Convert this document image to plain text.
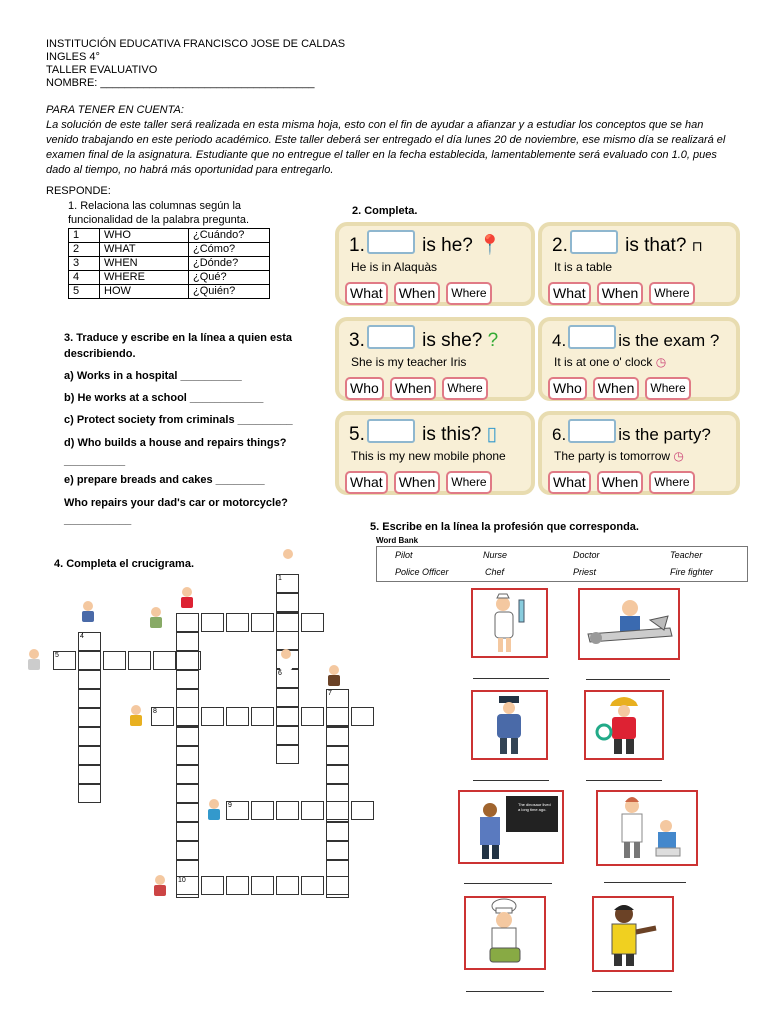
INSTITUCIÓN EDUCATIVA FRANCISCO JOSE DE CALDAS
INGLES 4°
TALLER EVALUATIVO
NOMBRE: ___________________________________
PARA TENER EN CUENTA:
La solución de este taller será realizada en esta misma hoja, esto con el fin de ayudar a afianzar y a estudiar los conceptos que se han venido trabajando en este periodo académico. Este taller deberá ser entregado el día lunes 20 de noviembre, ese mismo día se realizará el examen final de la asignatura. Estudiante que no entregue el taller en la fecha establecida, lamentablemente será evaluado con 1.0, pues dado al tiempo, no habrá más oportunidad para entregarlo.
RESPONDE:
1. Relaciona las columnas según la funcionalidad de la palabra pregunta.
1	WHO	¿Cuándo?
2	WHAT	¿Cómo?
3	WHEN	¿Dónde?
4	WHERE	¿Qué?
5	HOW	¿Quién?
2. Completa.
1.	is he? 📍
He is in Alaquàs
What	When	Where
2.	is that? ⊓
It is a table
What	When	Where
3.	is she? ?
She is my teacher Iris
Who	When	Where
4.	is the exam ?
It is at one o' clock ◷
Who	When	Where
5.	is this? ▯
This is my new mobile phone
What	When	Where
6.	is the party?
The party is tomorrow ◷
What	When	Where
3. Traduce y escribe en la línea a quien esta describiendo.
a) Works in a hospital __________
b) He works at a school ____________
c) Protect society from criminals _________
d) Who builds a house and repairs things?
__________
e) prepare breads and cakes ________
Who repairs your dad's car or motorcycle?
___________
4. Completa el crucigrama.
1
4
5
6
7
8
9
10
5. Escribe en la línea la profesión que corresponda.
Word Bank
Pilot	Nurse	Doctor	Teacher
Police Officer	Chef	Priest	Fire fighter
The dinosaur lived a long time ago.
